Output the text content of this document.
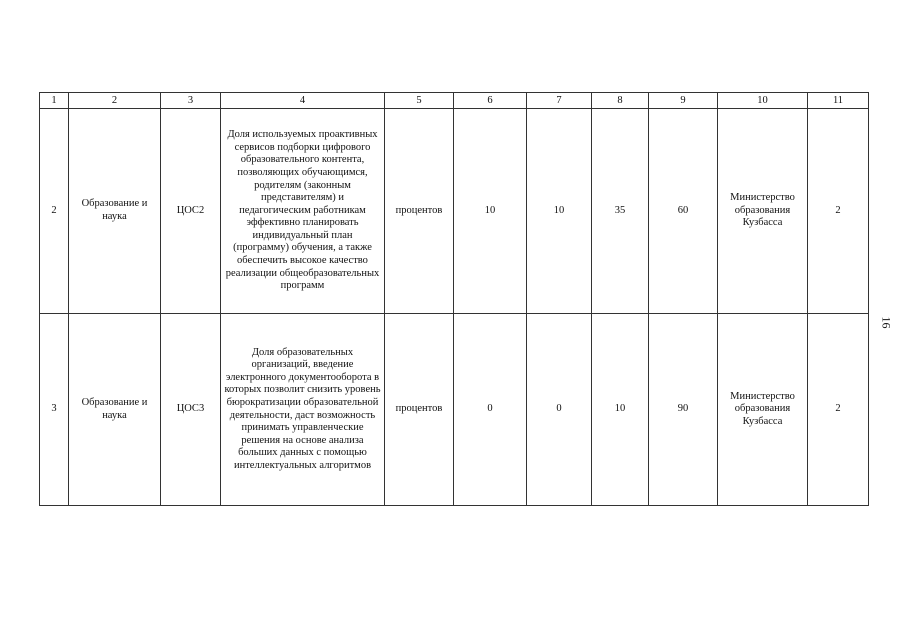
1	2	3	4	5	6	7	8	9	10	11
2	Образование и наука	ЦОС2	Доля используемых проактивных сервисов подборки цифрового образовательного контента, позволяющих обучающимся, родителям (законным представителям) и педагогическим работникам эффективно планировать индивидуальный план (программу) обучения, а также обеспечить высокое качество реализации общеобразовательных программ	процентов	10	10	35	60	Министерство образования Кузбасса	2
3	Образование и наука	ЦОС3	Доля образовательных организаций, введение электронного документооборота в которых позволит снизить уровень бюрократизации образовательной деятельности, даст возможность принимать управленческие решения на основе анализа больших данных с помощью интеллектуальных алгоритмов	процентов	0	0	10	90	Министерство образования Кузбасса	2
16
